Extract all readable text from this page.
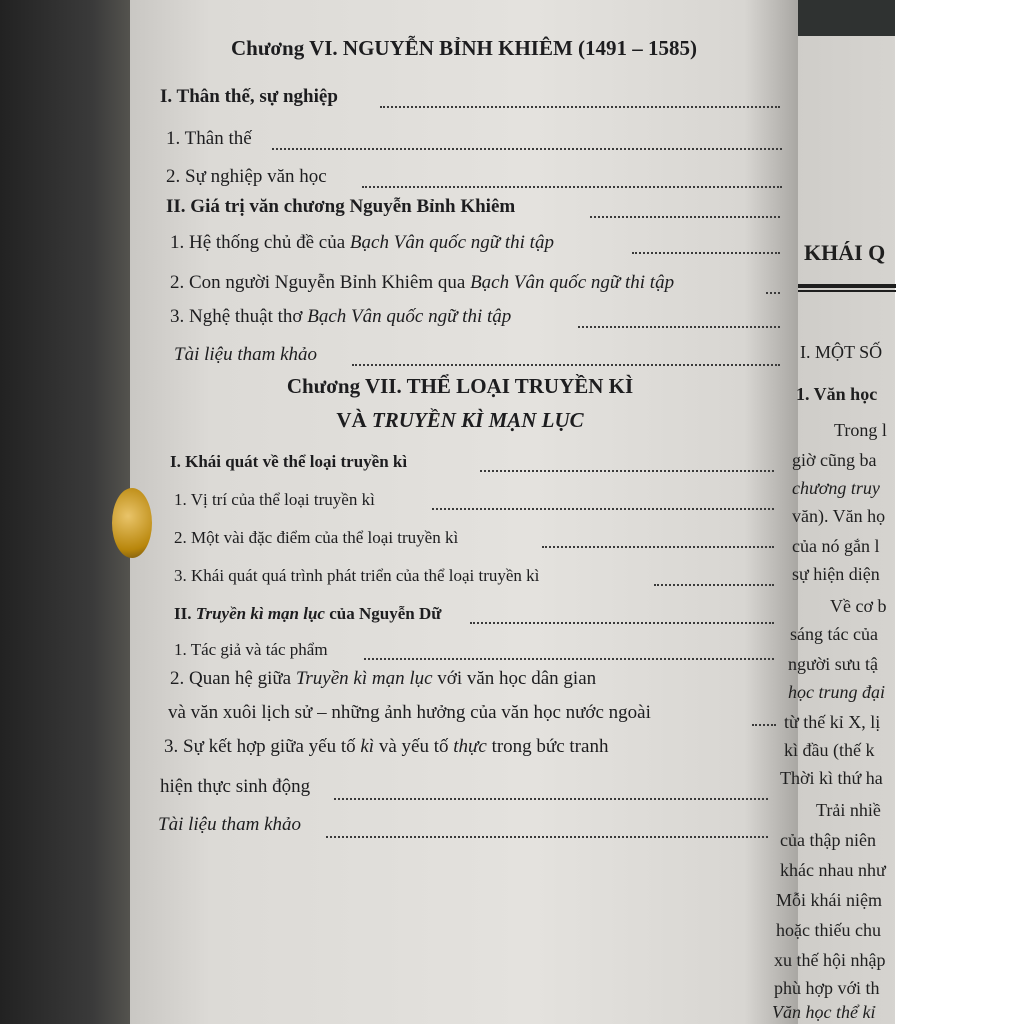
Chương VI. NGUYỄN BỈNH KHIÊM (1491 – 1585)
I. Thân thế, sự nghiệp
1. Thân thế
2. Sự nghiệp văn học
II. Giá trị văn chương Nguyễn Bỉnh Khiêm
1. Hệ thống chủ đề của Bạch Vân quốc ngữ thi tập
2. Con người Nguyễn Bỉnh Khiêm qua Bạch Vân quốc ngữ thi tập
3. Nghệ thuật thơ Bạch Vân quốc ngữ thi tập
Tài liệu tham khảo
Chương VII. THỂ LOẠI TRUYỀN KÌ
VÀ TRUYỀN KÌ MẠN LỤC
I. Khái quát về thể loại truyền kì
1. Vị trí của thể loại truyền kì
2. Một vài đặc điểm của thể loại truyền kì
3. Khái quát quá trình phát triển của thể loại truyền kì
II. Truyền kì mạn lục của Nguyễn Dữ
1. Tác giả và tác phẩm
2. Quan hệ giữa Truyền kì mạn lục với văn học dân gian
và văn xuôi lịch sử – những ảnh hưởng của văn học nước ngoài
3. Sự kết hợp giữa yếu tố kì và yếu tố thực trong bức tranh
hiện thực sinh động
Tài liệu tham khảo
KHÁI Q
I. MỘT SỐ
1. Văn học
Trong l
giờ cũng ba
chương truy
văn). Văn họ
của nó gắn l
sự hiện diện
Về cơ b
sáng tác của
người sưu tậ
học trung đại
từ thế kỉ X, lị
kì đầu (thế k
Thời kì thứ ha
Trải nhiề
của thập niên
khác nhau như
Mỗi khái niệm
hoặc thiếu chu
xu thế hội nhập
phù hợp với th
Văn học thể kỉ
